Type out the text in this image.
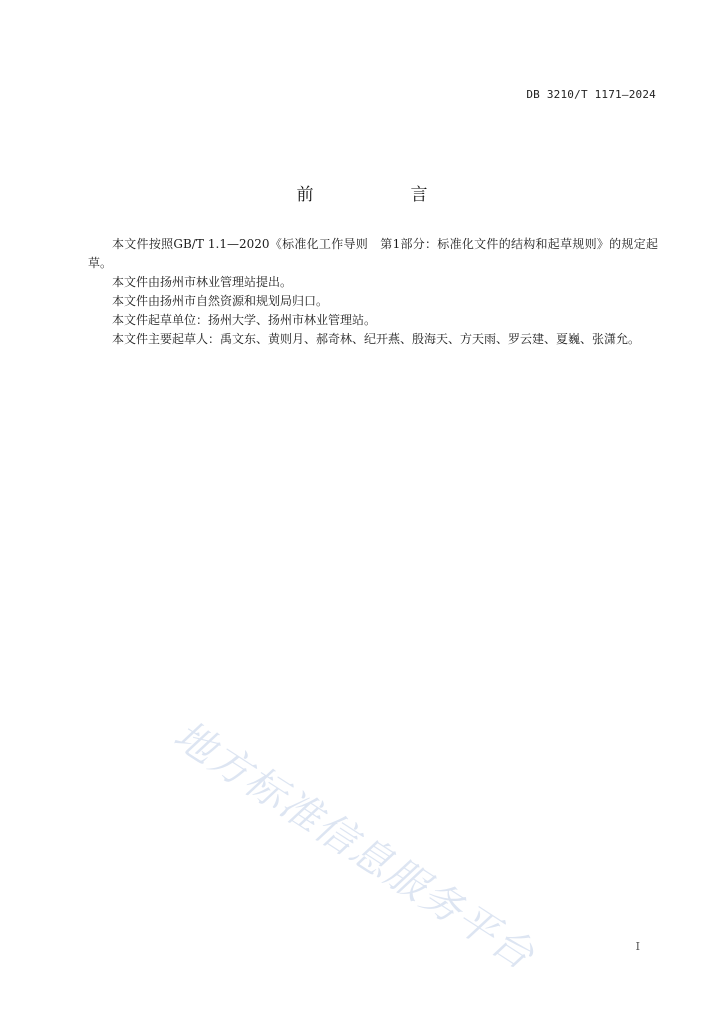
DB 3210/T 1171—2024
前　言

本文件按照GB/T 1.1—2020《标准化工作导则　第1部分：标准化文件的结构和起草规则》的规定起草。

本文件由扬州市林业管理站提出。

本文件由扬州市自然资源和规划局归口。

本文件起草单位：扬州大学、扬州市林业管理站。

本文件主要起草人：禹文东、黄则月、郝奇林、纪开燕、殷海天、方天雨、罗云建、夏巍、张潇允。

地方标准信息服务平台	I
